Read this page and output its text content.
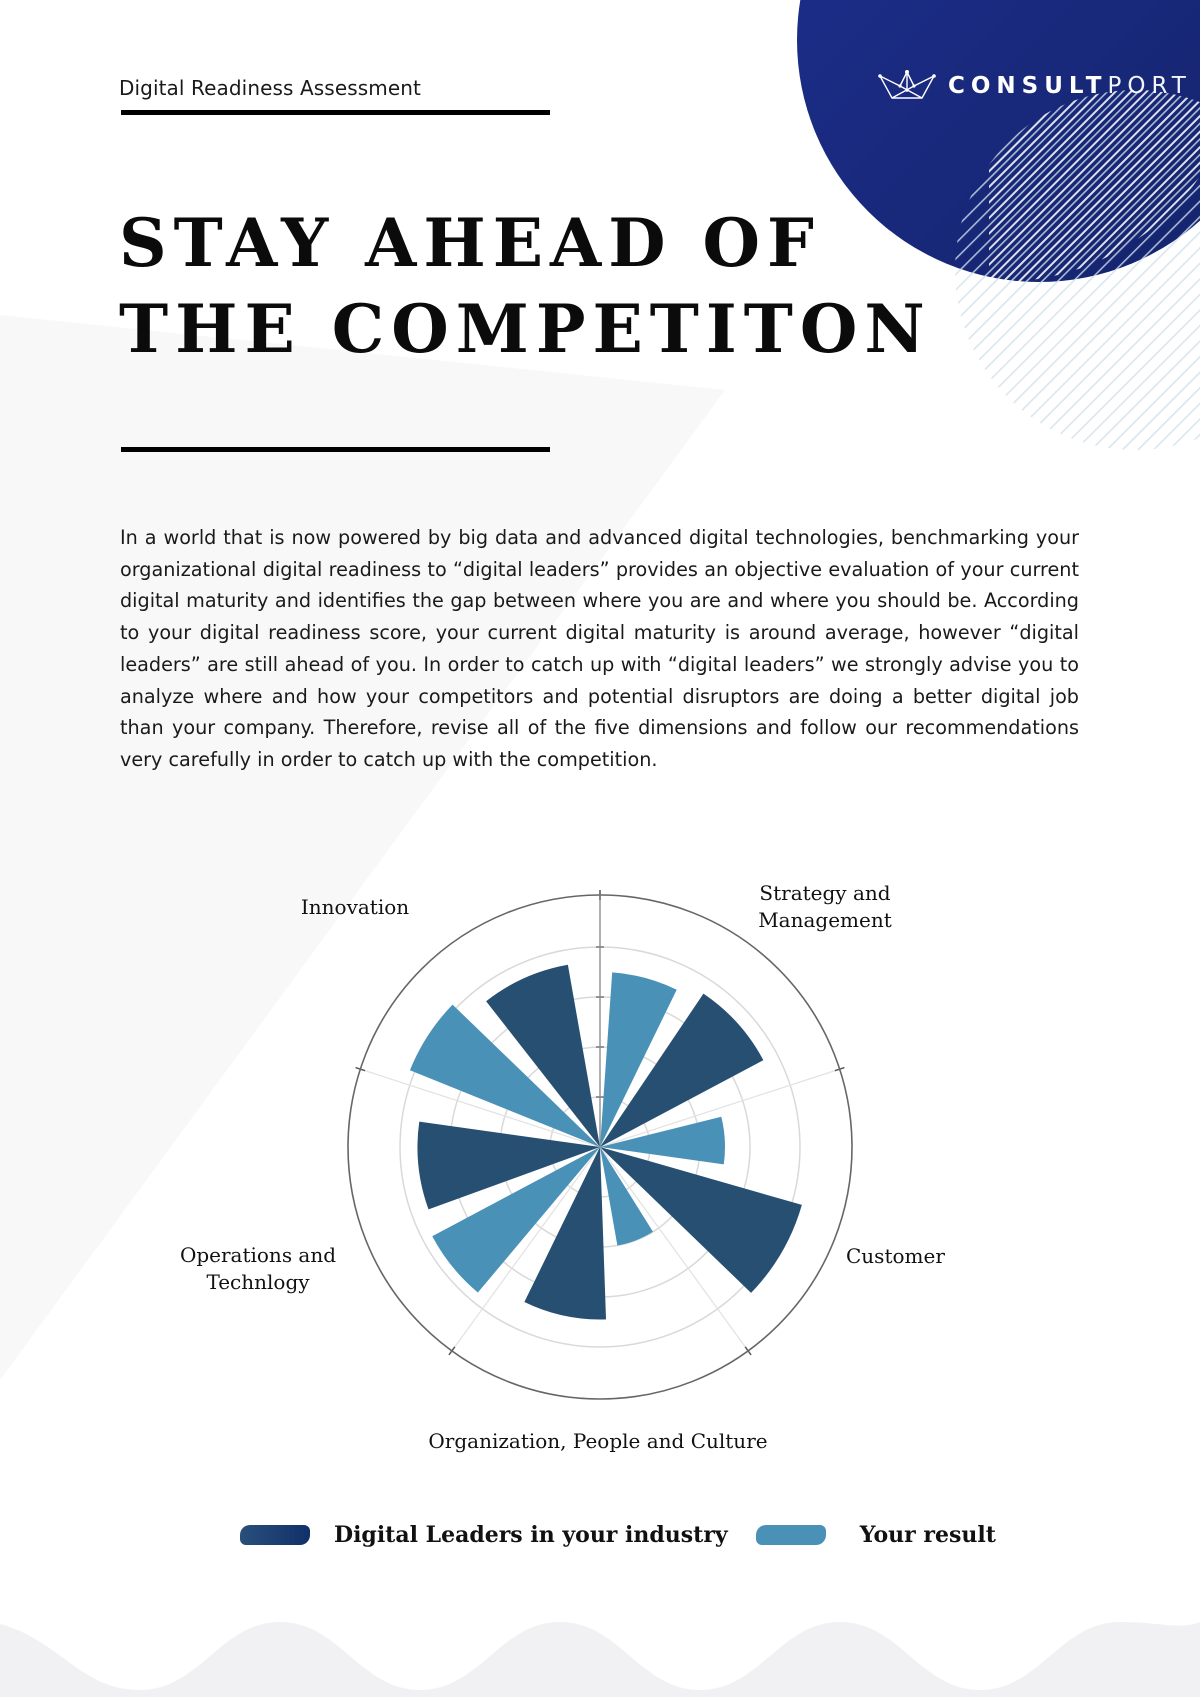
CONSULTPORT
Digital Readiness Assessment
STAY AHEAD OF
THE COMPETITON

In a world that is now powered by big data and advanced digital technologies, benchmarking your organizational digital readiness to “digital leaders” provides an objective evaluation of your current digital maturity and identifies the gap between where you are and where you should be. According to your digital readiness score, your current digital maturity is around average, however “digital leaders” are still ahead of you. In order to catch up with “digital leaders” we strongly advise you to analyze where and how your competitors and potential disruptors are doing a better digital job than your company. Therefore, revise all of the five dimensions and follow our recommendations very carefully in order to catch up with the competition.

Strategy and
Management
Customer
Organization, People and Culture
Operations and
Technlogy
Innovation
Digital Leaders in your industry	Your result
